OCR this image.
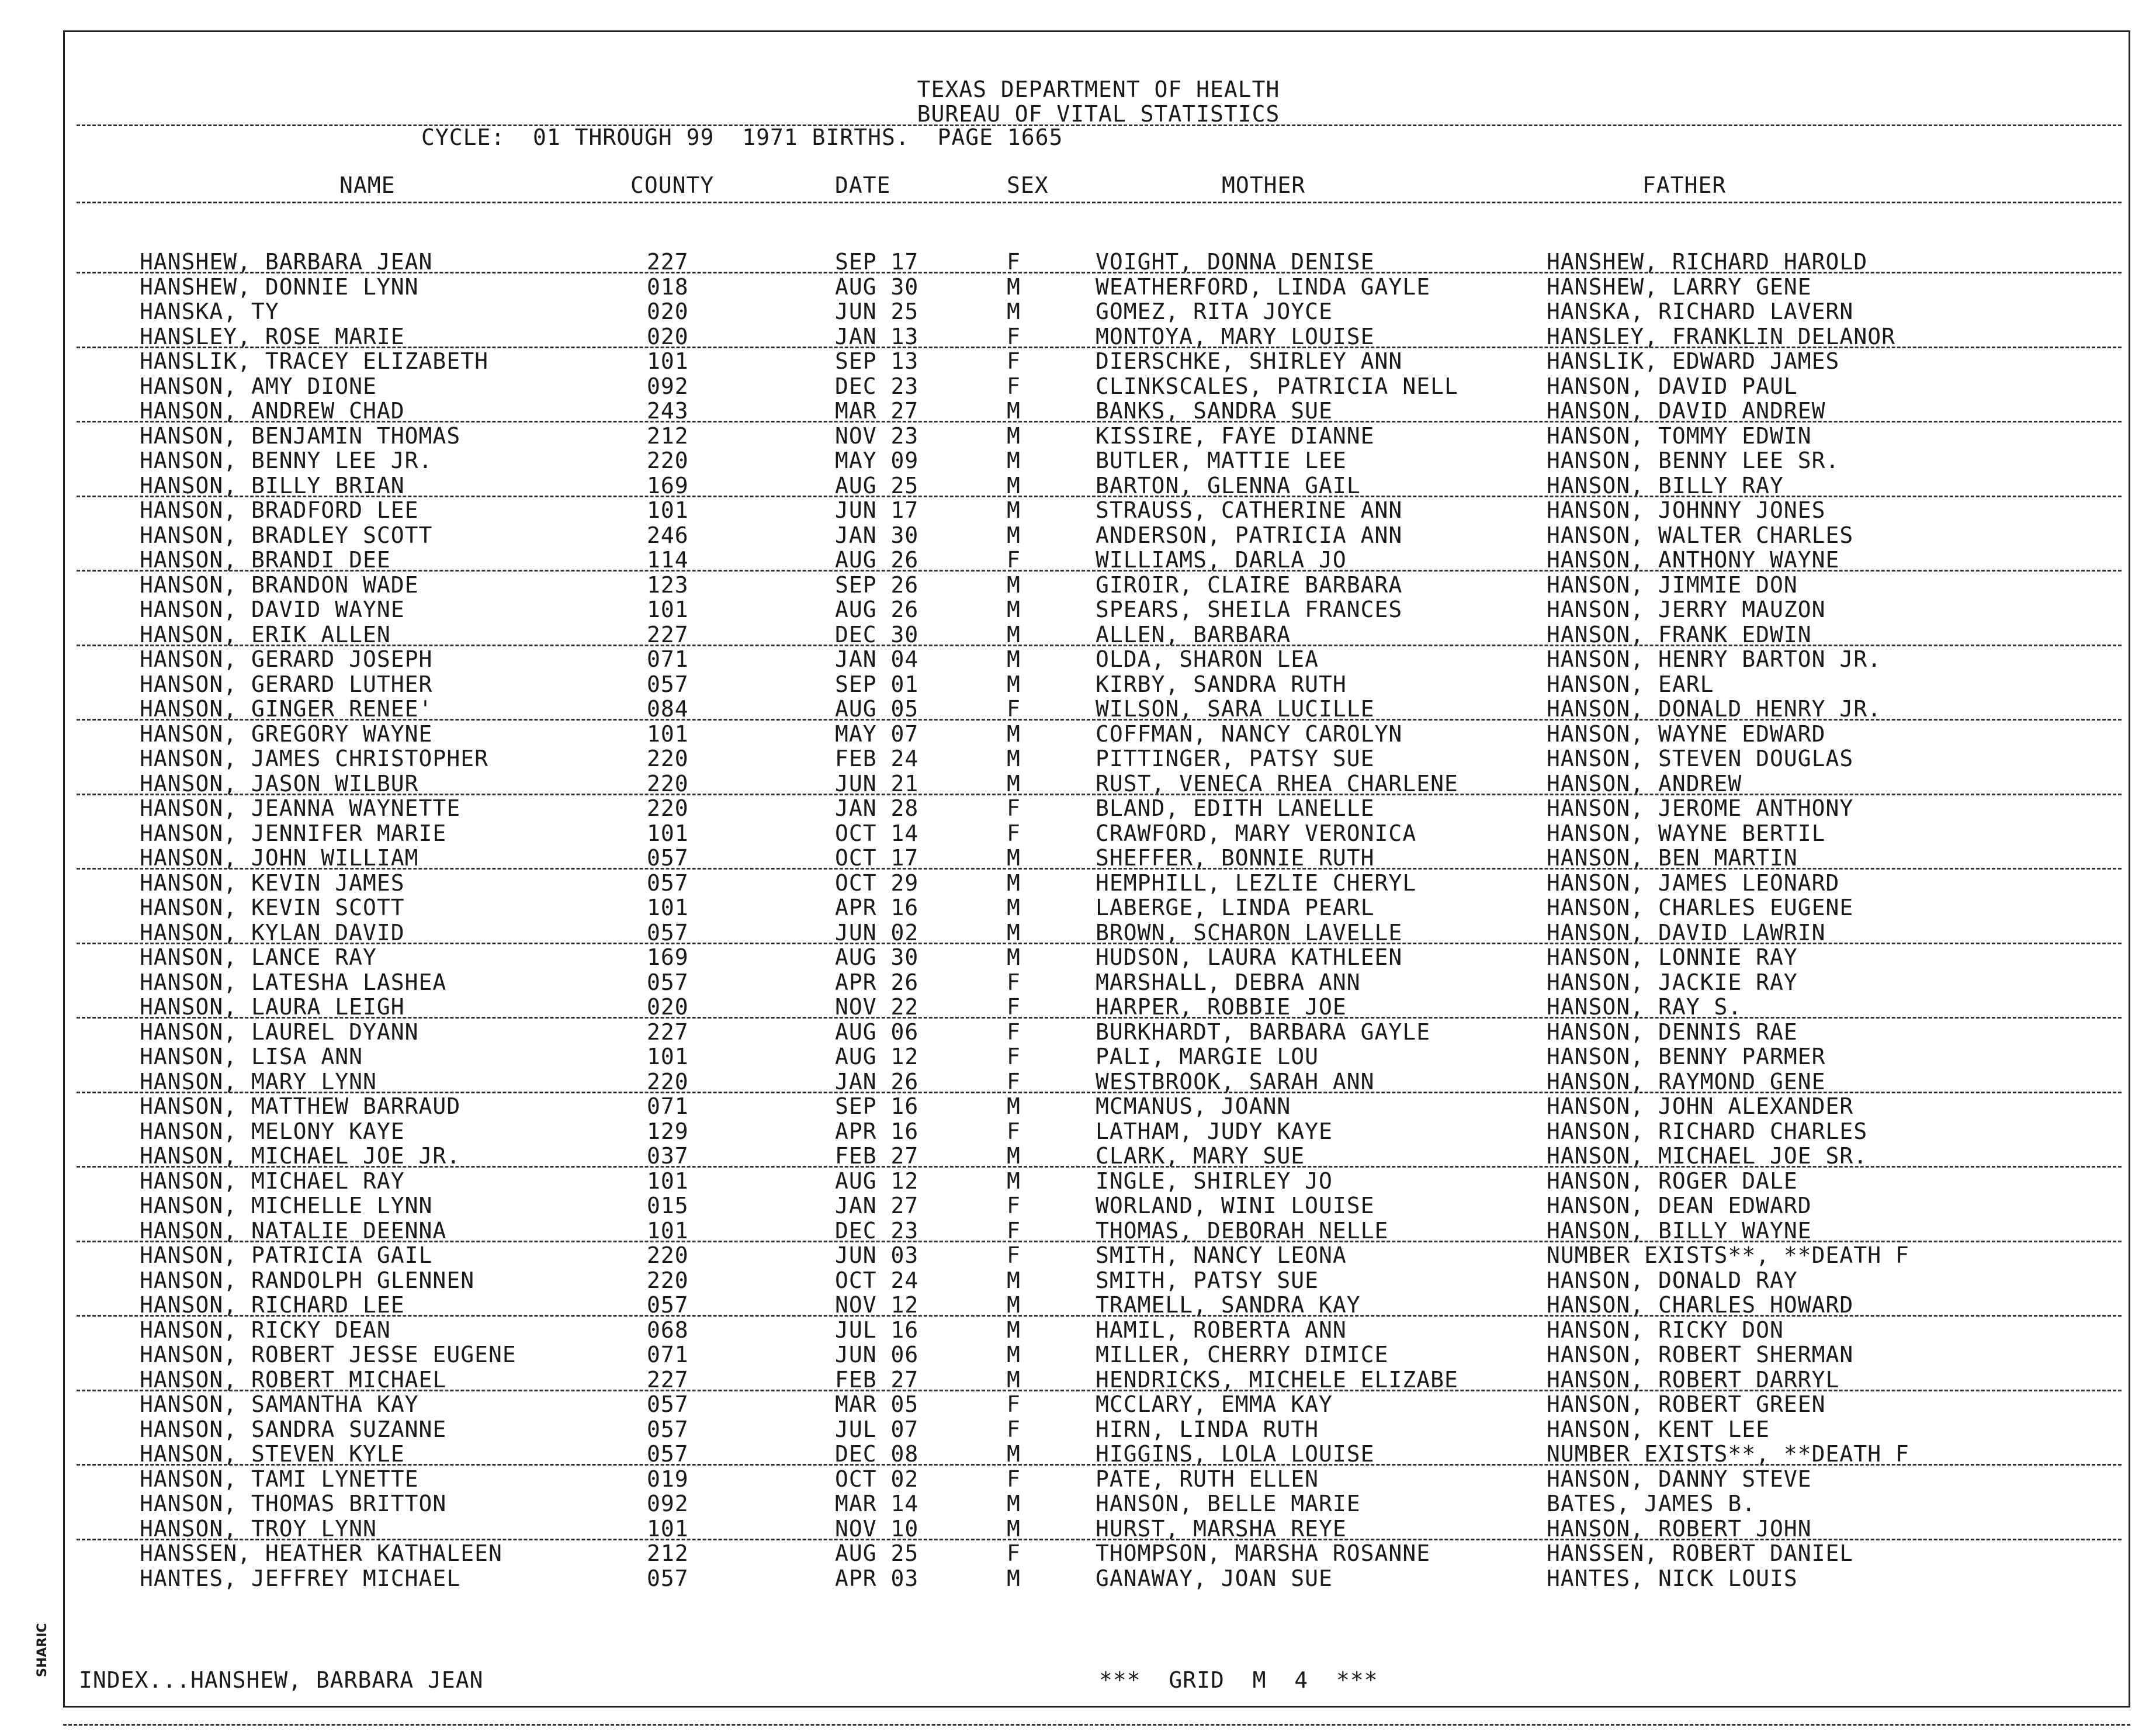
TEXAS DEPARTMENT OF HEALTH
BUREAU OF VITAL STATISTICS
CYCLE:  01 THROUGH 99  1971 BIRTHS.  PAGE 1665
NAME	COUNTY	DATE	SEX	MOTHER	FATHER
HANSHEW, BARBARA JEAN	227	SEP 17	F	VOIGHT, DONNA DENISE	HANSHEW, RICHARD HAROLD
HANSHEW, DONNIE LYNN	018	AUG 30	M	WEATHERFORD, LINDA GAYLE	HANSHEW, LARRY GENE
HANSKA, TY	020	JUN 25	M	GOMEZ, RITA JOYCE	HANSKA, RICHARD LAVERN
HANSLEY, ROSE MARIE	020	JAN 13	F	MONTOYA, MARY LOUISE	HANSLEY, FRANKLIN DELANOR
HANSLIK, TRACEY ELIZABETH	101	SEP 13	F	DIERSCHKE, SHIRLEY ANN	HANSLIK, EDWARD JAMES
HANSON, AMY DIONE	092	DEC 23	F	CLINKSCALES, PATRICIA NELL	HANSON, DAVID PAUL
HANSON, ANDREW CHAD	243	MAR 27	M	BANKS, SANDRA SUE	HANSON, DAVID ANDREW
HANSON, BENJAMIN THOMAS	212	NOV 23	M	KISSIRE, FAYE DIANNE	HANSON, TOMMY EDWIN
HANSON, BENNY LEE JR.	220	MAY 09	M	BUTLER, MATTIE LEE	HANSON, BENNY LEE SR.
HANSON, BILLY BRIAN	169	AUG 25	M	BARTON, GLENNA GAIL	HANSON, BILLY RAY
HANSON, BRADFORD LEE	101	JUN 17	M	STRAUSS, CATHERINE ANN	HANSON, JOHNNY JONES
HANSON, BRADLEY SCOTT	246	JAN 30	M	ANDERSON, PATRICIA ANN	HANSON, WALTER CHARLES
HANSON, BRANDI DEE	114	AUG 26	F	WILLIAMS, DARLA JO	HANSON, ANTHONY WAYNE
HANSON, BRANDON WADE	123	SEP 26	M	GIROIR, CLAIRE BARBARA	HANSON, JIMMIE DON
HANSON, DAVID WAYNE	101	AUG 26	M	SPEARS, SHEILA FRANCES	HANSON, JERRY MAUZON
HANSON, ERIK ALLEN	227	DEC 30	M	ALLEN, BARBARA	HANSON, FRANK EDWIN
HANSON, GERARD JOSEPH	071	JAN 04	M	OLDA, SHARON LEA	HANSON, HENRY BARTON JR.
HANSON, GERARD LUTHER	057	SEP 01	M	KIRBY, SANDRA RUTH	HANSON, EARL
HANSON, GINGER RENEE'	084	AUG 05	F	WILSON, SARA LUCILLE	HANSON, DONALD HENRY JR.
HANSON, GREGORY WAYNE	101	MAY 07	M	COFFMAN, NANCY CAROLYN	HANSON, WAYNE EDWARD
HANSON, JAMES CHRISTOPHER	220	FEB 24	M	PITTINGER, PATSY SUE	HANSON, STEVEN DOUGLAS
HANSON, JASON WILBUR	220	JUN 21	M	RUST, VENECA RHEA CHARLENE	HANSON, ANDREW
HANSON, JEANNA WAYNETTE	220	JAN 28	F	BLAND, EDITH LANELLE	HANSON, JEROME ANTHONY
HANSON, JENNIFER MARIE	101	OCT 14	F	CRAWFORD, MARY VERONICA	HANSON, WAYNE BERTIL
HANSON, JOHN WILLIAM	057	OCT 17	M	SHEFFER, BONNIE RUTH	HANSON, BEN MARTIN
HANSON, KEVIN JAMES	057	OCT 29	M	HEMPHILL, LEZLIE CHERYL	HANSON, JAMES LEONARD
HANSON, KEVIN SCOTT	101	APR 16	M	LABERGE, LINDA PEARL	HANSON, CHARLES EUGENE
HANSON, KYLAN DAVID	057	JUN 02	M	BROWN, SCHARON LAVELLE	HANSON, DAVID LAWRIN
HANSON, LANCE RAY	169	AUG 30	M	HUDSON, LAURA KATHLEEN	HANSON, LONNIE RAY
HANSON, LATESHA LASHEA	057	APR 26	F	MARSHALL, DEBRA ANN	HANSON, JACKIE RAY
HANSON, LAURA LEIGH	020	NOV 22	F	HARPER, ROBBIE JOE	HANSON, RAY S.
HANSON, LAUREL DYANN	227	AUG 06	F	BURKHARDT, BARBARA GAYLE	HANSON, DENNIS RAE
HANSON, LISA ANN	101	AUG 12	F	PALI, MARGIE LOU	HANSON, BENNY PARMER
HANSON, MARY LYNN	220	JAN 26	F	WESTBROOK, SARAH ANN	HANSON, RAYMOND GENE
HANSON, MATTHEW BARRAUD	071	SEP 16	M	MCMANUS, JOANN	HANSON, JOHN ALEXANDER
HANSON, MELONY KAYE	129	APR 16	F	LATHAM, JUDY KAYE	HANSON, RICHARD CHARLES
HANSON, MICHAEL JOE JR.	037	FEB 27	M	CLARK, MARY SUE	HANSON, MICHAEL JOE SR.
HANSON, MICHAEL RAY	101	AUG 12	M	INGLE, SHIRLEY JO	HANSON, ROGER DALE
HANSON, MICHELLE LYNN	015	JAN 27	F	WORLAND, WINI LOUISE	HANSON, DEAN EDWARD
HANSON, NATALIE DEENNA	101	DEC 23	F	THOMAS, DEBORAH NELLE	HANSON, BILLY WAYNE
HANSON, PATRICIA GAIL	220	JUN 03	F	SMITH, NANCY LEONA	NUMBER EXISTS**, **DEATH F
HANSON, RANDOLPH GLENNEN	220	OCT 24	M	SMITH, PATSY SUE	HANSON, DONALD RAY
HANSON, RICHARD LEE	057	NOV 12	M	TRAMELL, SANDRA KAY	HANSON, CHARLES HOWARD
HANSON, RICKY DEAN	068	JUL 16	M	HAMIL, ROBERTA ANN	HANSON, RICKY DON
HANSON, ROBERT JESSE EUGENE	071	JUN 06	M	MILLER, CHERRY DIMICE	HANSON, ROBERT SHERMAN
HANSON, ROBERT MICHAEL	227	FEB 27	M	HENDRICKS, MICHELE ELIZABE	HANSON, ROBERT DARRYL
HANSON, SAMANTHA KAY	057	MAR 05	F	MCCLARY, EMMA KAY	HANSON, ROBERT GREEN
HANSON, SANDRA SUZANNE	057	JUL 07	F	HIRN, LINDA RUTH	HANSON, KENT LEE
HANSON, STEVEN KYLE	057	DEC 08	M	HIGGINS, LOLA LOUISE	NUMBER EXISTS**, **DEATH F
HANSON, TAMI LYNETTE	019	OCT 02	F	PATE, RUTH ELLEN	HANSON, DANNY STEVE
HANSON, THOMAS BRITTON	092	MAR 14	M	HANSON, BELLE MARIE	BATES, JAMES B.
HANSON, TROY LYNN	101	NOV 10	M	HURST, MARSHA REYE	HANSON, ROBERT JOHN
HANSSEN, HEATHER KATHALEEN	212	AUG 25	F	THOMPSON, MARSHA ROSANNE	HANSSEN, ROBERT DANIEL
HANTES, JEFFREY MICHAEL	057	APR 03	M	GANAWAY, JOAN SUE	HANTES, NICK LOUIS
INDEX...HANSHEW, BARBARA JEAN	***  GRID  M  4  ***
SHARIC
